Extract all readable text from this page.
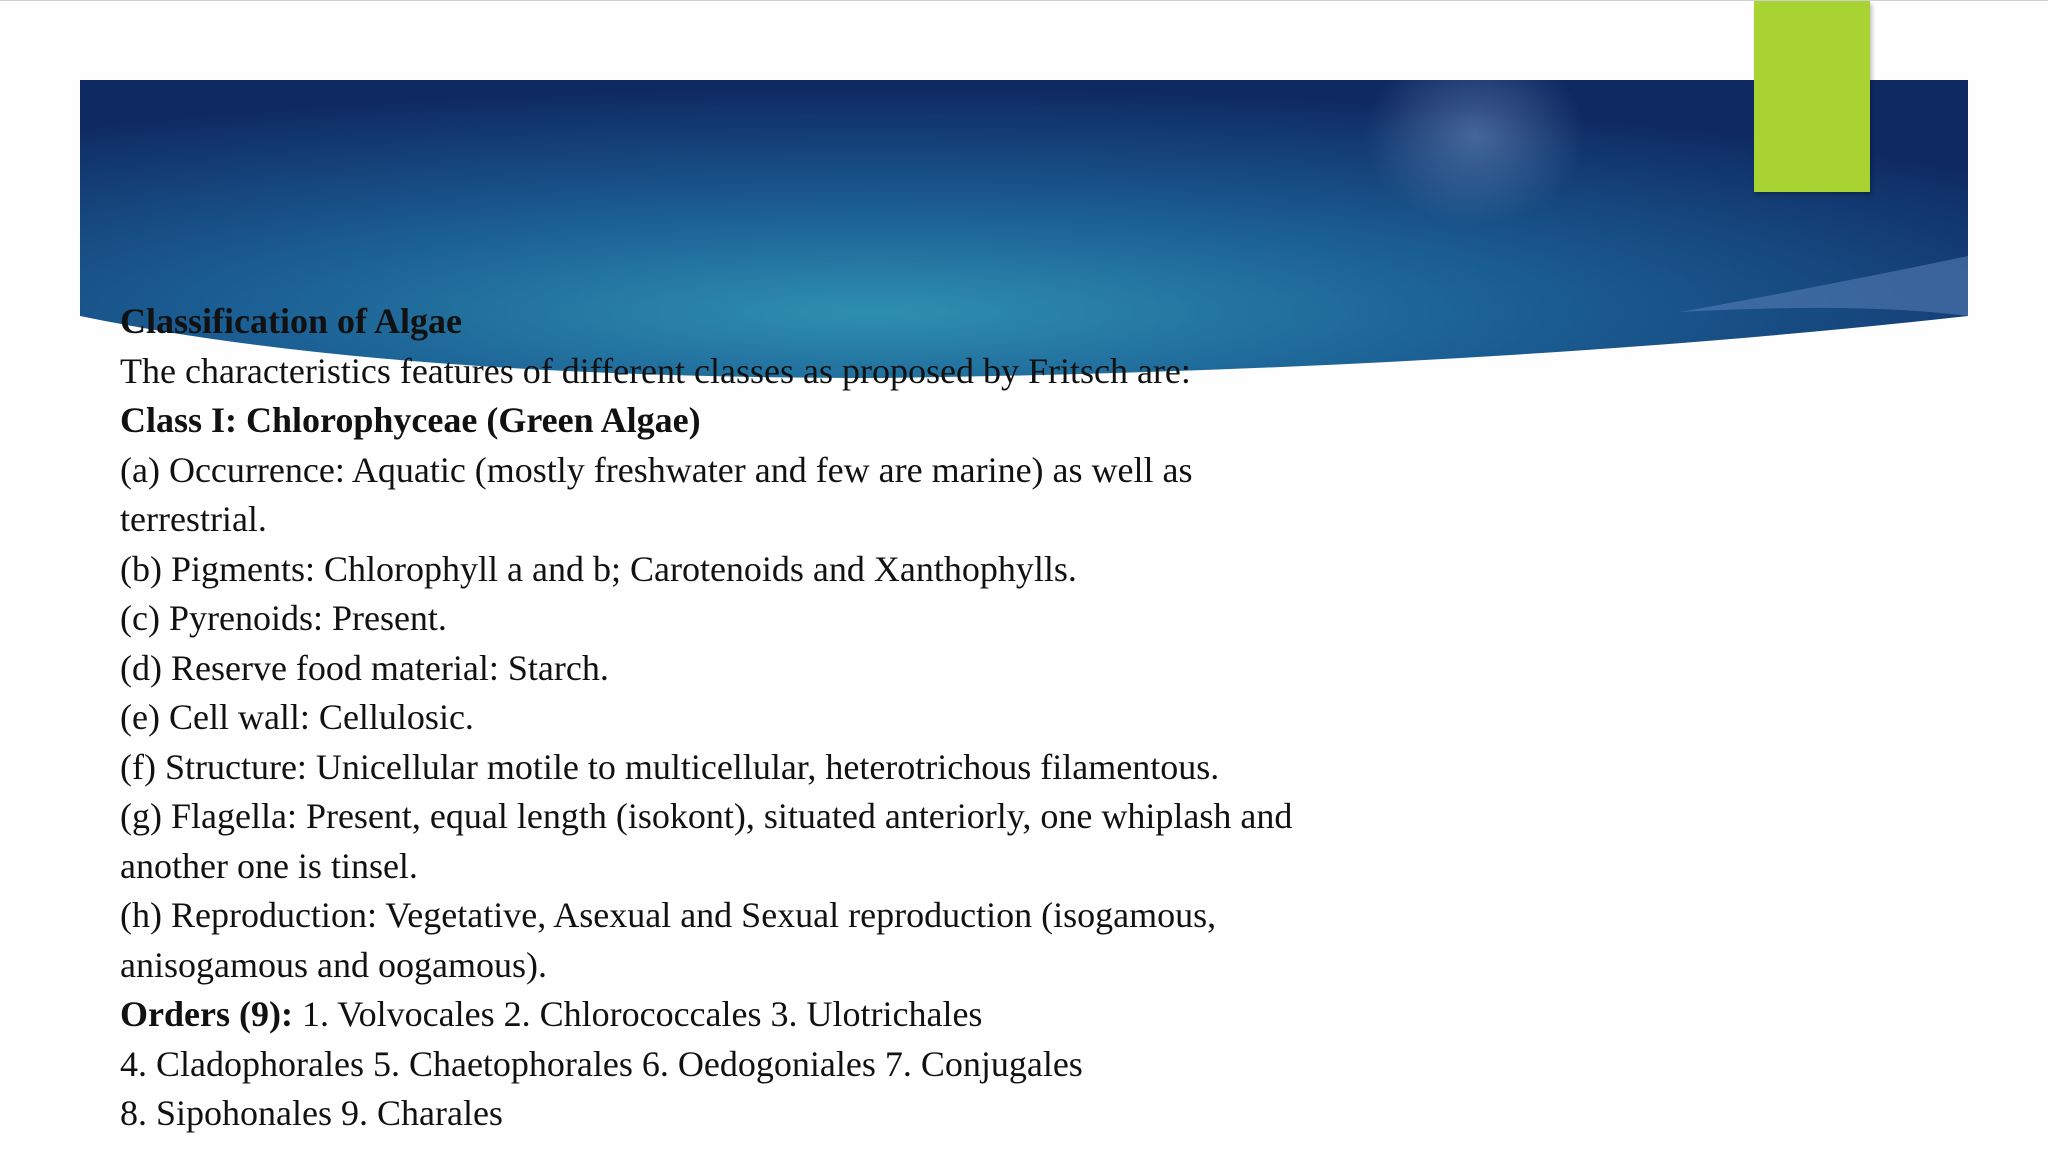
Classification of Algae
The characteristics features of different classes as proposed by Fritsch are:
Class I: Chlorophyceae (Green Algae)
(a) Occurrence: Aquatic (mostly freshwater and few are marine) as well as
terrestrial.
(b) Pigments: Chlorophyll a and b; Carotenoids and Xanthophylls.
(c) Pyrenoids: Present.
(d) Reserve food material: Starch.
(e) Cell wall: Cellulosic.
(f) Structure: Unicellular motile to multicellular, heterotrichous filamentous.
(g) Flagella: Present, equal length (isokont), situated anteriorly, one whiplash and
another one is tinsel.
(h) Reproduction: Vegetative, Asexual and Sexual reproduction (isogamous,
anisogamous and oogamous).
Orders (9): 1. Volvocales 2. Chlorococcales 3. Ulotrichales
4. Cladophorales 5. Chaetophorales 6. Oedogoniales 7. Conjugales
8. Sipohonales 9. Charales
